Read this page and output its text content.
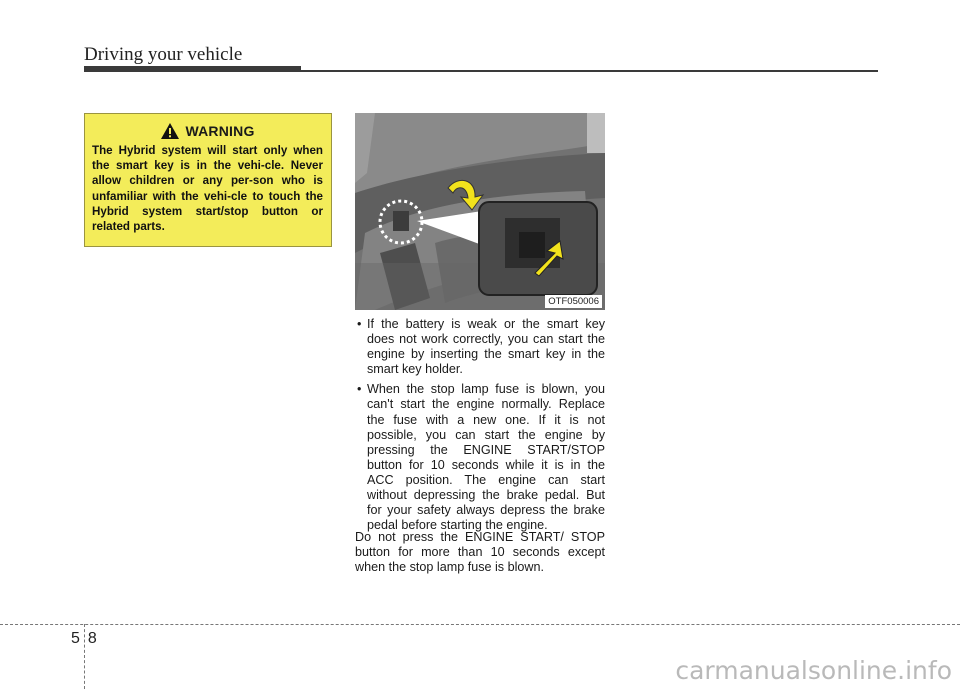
Driving your vehicle
WARNING
The Hybrid system will start only when the smart key is in the vehi-cle. Never allow children or any per-son who is unfamiliar with the vehi-cle to touch the Hybrid system start/stop button or related parts.
OTF050006
• If the battery is weak or the smart key does not work correctly, you can start the engine by inserting the smart key in the smart key holder.
• When the stop lamp fuse is blown, you can't start the engine normally. Replace the fuse with a new one. If it is not possible, you can start the engine by pressing the ENGINE START/STOP button for 10 seconds while it is in the ACC position. The engine can start without depressing the brake pedal. But for your safety always depress the brake pedal before starting the engine.

Do not press the ENGINE START/ STOP button for more than 10 seconds except when the stop lamp fuse is blown.

58
carmanualsonline.info
